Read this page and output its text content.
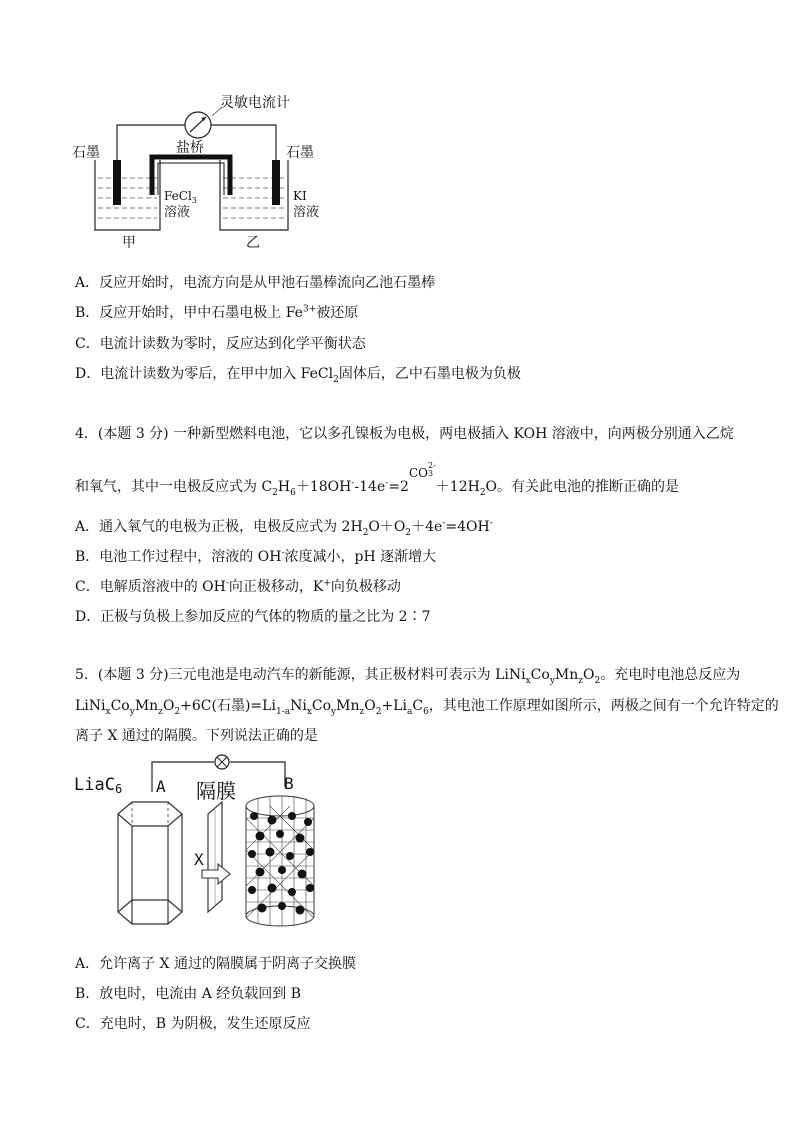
灵敏电流计
石墨	石墨
盐桥
FeCl$_3$
溶液
KI
溶液
甲	乙
A．反应开始时，电流方向是从甲池石墨棒流向乙池石墨棒
B．反应开始时，甲中石墨电极上 $Fe^{3+}$被还原
C．电流计读数为零时，反应达到化学平衡状态
D．电流计读数为零后，在甲中加入 FeCl$_2$固体后，乙中石墨电极为负极
4．(本题 3 分) 一种新型燃料电池，它以多孔镍板为电极，两电极插入 KOH 溶液中，向两极分别通入乙烷
和氧气，其中一电极反应式为 $C_2H_6+18OH^--14e^-=2CO2-$
$3+12H_2O$。有关此电池的推断正确的是
A．通入氧气的电极为正极，电极反应式为 $2H_2O+O_2+4e^-=4OH^-$
B．电池工作过程中，溶液的 OH-浓度减小，pH 逐渐增大
C．电解质溶液中的 OH-向正极移动，K+向负极移动
D．正极与负极上参加反应的气体的物质的量之比为 2∶7
5．(本题 3 分)三元电池是电动汽车的新能源，其正极材料可表示为 $LiNi_xCo_yMn_zO_2$。充电时电池总反应为
$LiNi_xCo_yMn_zO_2+6C$(石墨)$=Li_{1-a}Ni_xCo_yMn_zO_2+Li_aC_6$，其电池工作原理如图所示，两极之间有一个允许特定的
离子 X 通过的隔膜。下列说法正确的是
LiaC6 A 隔膜	B
X
A．允许离子 X 通过的隔膜属于阴离子交换膜
B．放电时，电流由 A 经负载回到 B
C．充电时，B 为阴极，发生还原反应
